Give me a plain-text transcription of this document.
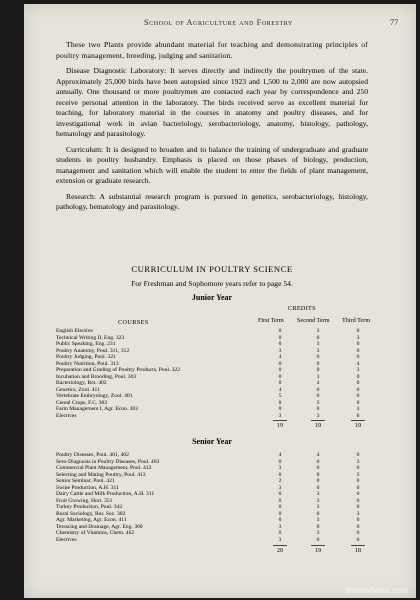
School of Agriculture and Forestry	77

These two Plants provide abundant material for teaching and demonstrating principles of poultry management, breeding, judging and sanitation.

Disease Diagnostic Laboratory: It serves directly and indirectly the poultrymen of the state. Approximately 25,000 birds have been autopsied since 1923 and 1,500 to 2,000 are now autopsied annually. One thousand or more poultrymen are contacted each year by correspondence and 250 receive personal attention in the laboratory. The birds received serve as excellent material for teaching, for laboratory material in the courses in anatomy and poultry diseases, and for investigational work in avian bacteriology, serobacteriology, anatomy, histology, pathology, hematology and parasitology.

Curriculum: It is designed to broaden and to balance the training of undergraduate and graduate students in poultry husbandry. Emphasis is placed on those phases of biology, production, management and sanitation which will enable the student to enter the fields of plant management, extension or graduate research.

Research: A substantial research program is pursued in genetics, serobacteriology, histology, pathology, hematology and parasitology.

CURRICULUM IN POULTRY SCIENCE
For Freshman and Sophomore years refer to page 54.
Junior Year
CREDITS
COURSES	First Term Second Term Third Term
English Elective	0	3	0
Technical Writing II, Eng. 323	0	0	3
Public Speaking, Eng. 231	0	3	0
Poultry Anatomy, Poul. 311, 312	3	3	0
Poultry Judging, Poul. 321	4	0	0
Poultry Nutrition, Poul. 313	0	0	4
Preparation and Grading of Poultry Products, Poul. 322	0	0	3
Incubation and Brooding, Poul. 303	0	3	0
Bacteriology, Bot. 402	0	4	0
Genetics, Zool. 411	4	0	0
Vertebrate Embryology, Zool. 401	5	0	0
Cereal Crops, F.C. 302	0	3	0
Farm Management I, Agr. Econ. 303	0	0	3
Electives	3	3	6
19	19	19
Senior Year
Poultry Diseases, Poul. 401, 402	4	4	0
Sero-Diagnosis in Poultry Diseases, Poul. 403	0	0	3
Commercial Plant Management, Poul. 412	3	0	0
Selecting and Mating Poultry, Poul. 413	0	0	3
Senior Seminar, Poul. 421	2	0	0
Swine Production, A.H. 311	3	0	0
Dairy Cattle and Milk Production, A.H. 311	0	3	0
Fruit Growing, Hort. 351	0	3	0
Turkey Production, Poul. 342	0	3	0
Rural Sociology, Rur. Soc. 302	0	0	3
Agr. Marketing, Agr. Econ. 411	0	3	0
Terracing and Drainage, Agr. Eng. 360	3	0	0
Chemistry of Vitamins, Chem. 462	0	3	0
Electives	3	0	6
20	19	18
thewolfweb.com
